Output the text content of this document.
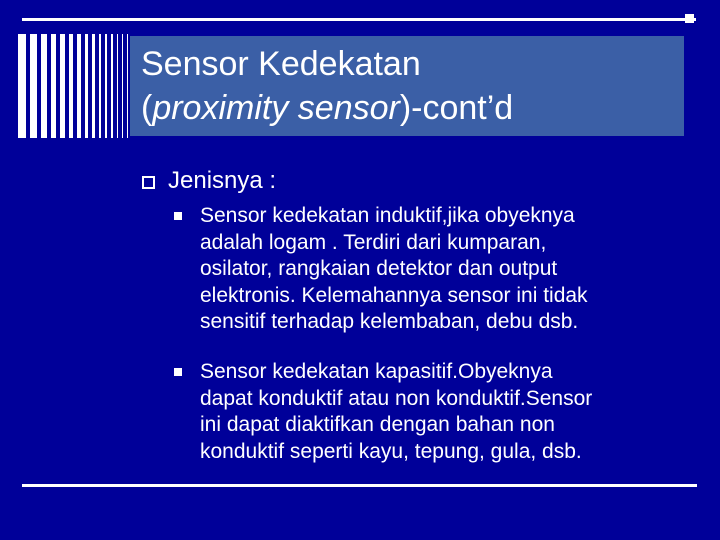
Sensor Kedekatan
(proximity sensor)-cont’d
Jenisnya :
Sensor kedekatan induktif,jika obyeknya
adalah logam . Terdiri dari kumparan,
osilator, rangkaian detektor dan output
elektronis. Kelemahannya sensor ini tidak
sensitif terhadap kelembaban, debu dsb.
Sensor kedekatan kapasitif.Obyeknya
dapat konduktif atau non konduktif.Sensor
ini dapat diaktifkan dengan bahan non
konduktif seperti kayu, tepung, gula, dsb.
